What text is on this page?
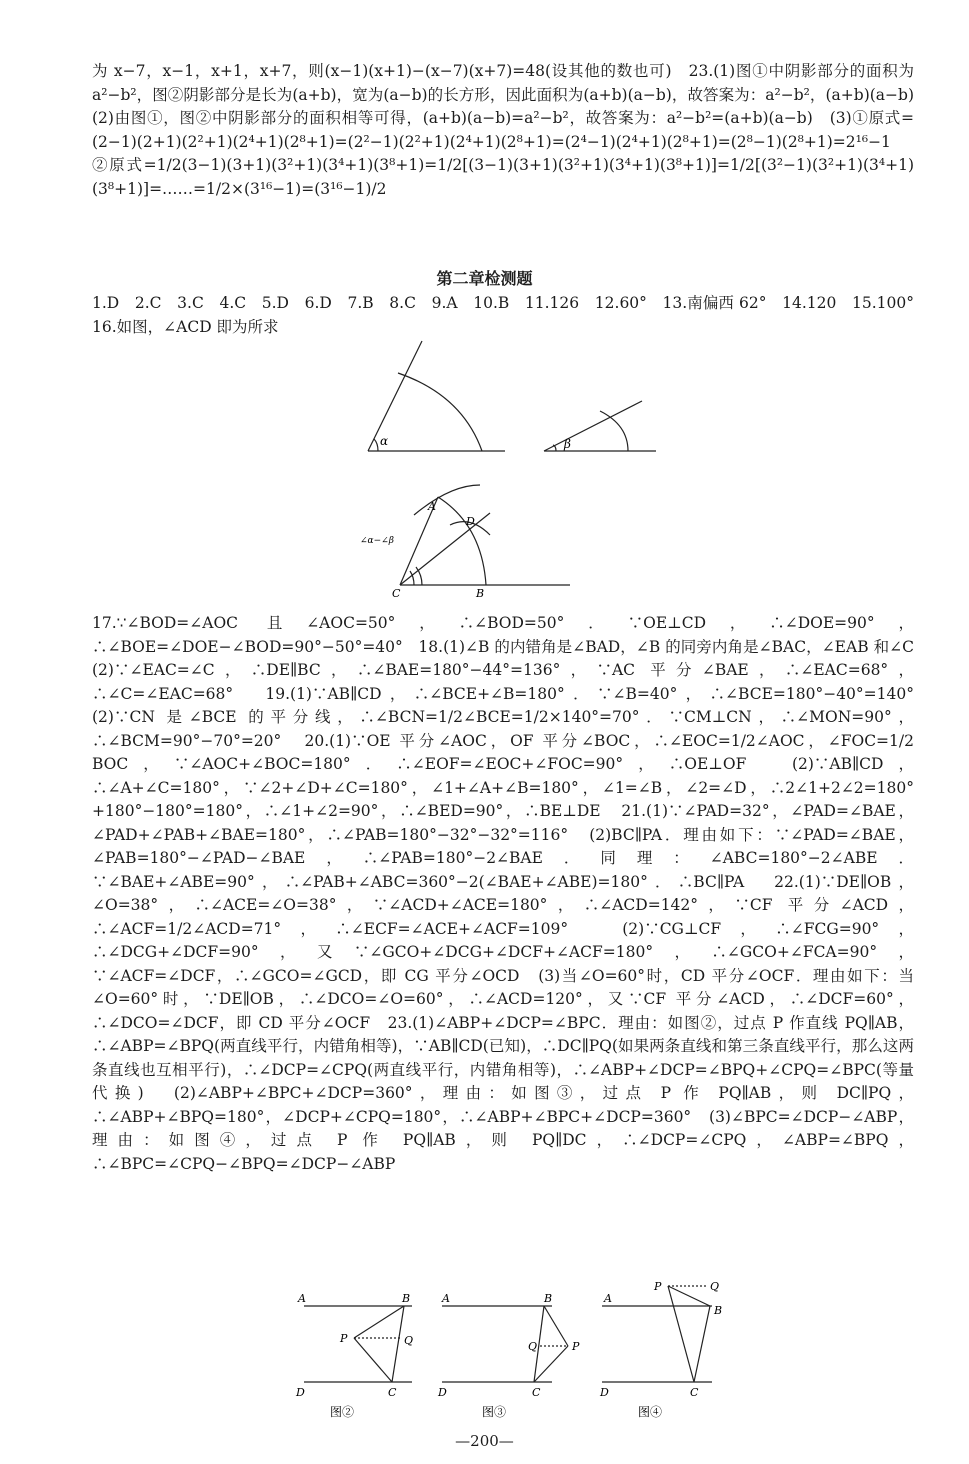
为 x−7，x−1，x+1，x+7，则(x−1)(x+1)−(x−7)(x+7)=48(设其他的数也可)　23.(1)图①中阴影部分的面积为 a²−b²，图②阴影部分是长为(a+b)，宽为(a−b)的长方形，因此面积为(a+b)(a−b)，故答案为：a²−b²，(a+b)(a−b)　(2)由图①，图②中阴影部分的面积相等可得，(a+b)(a−b)=a²−b²，故答案为：a²−b²=(a+b)(a−b)　(3)①原式=(2−1)(2+1)(2²+1)(2⁴+1)(2⁸+1)=(2²−1)(2²+1)(2⁴+1)(2⁸+1)=(2⁴−1)(2⁴+1)(2⁸+1)=(2⁸−1)(2⁸+1)=2¹⁶−1　②原式=1/2(3−1)(3+1)(3²+1)(3⁴+1)(3⁸+1)=1/2[(3−1)(3+1)(3²+1)(3⁴+1)(3⁸+1)]=1/2[(3²−1)(3²+1)(3⁴+1)(3⁸+1)]=……=1/2×(3¹⁶−1)=(3¹⁶−1)/2
第二章检测题
1.D　2.C　3.C　4.C　5.D　6.D　7.B　8.C　9.A　10.B　11.126　12.60°　13.南偏西 62°　14.120　15.100°　16.如图，∠ACD 即为所求
α	β
A
D
C	B
∠α−∠β
17.∵∠BOD=∠AOC 且∠AOC=50°，∴∠BOD=50°．∵OE⊥CD，∴∠DOE=90°，∴∠BOE=∠DOE−∠BOD=90°−50°=40°　18.(1)∠B 的内错角是∠BAD，∠B 的同旁内角是∠BAC，∠EAB 和∠C　(2)∵∠EAC=∠C，∴DE∥BC，∴∠BAE=180°−44°=136°，∵AC 平分∠BAE，∴∠EAC=68°，∴∠C=∠EAC=68°　19.(1)∵AB∥CD，∴∠BCE+∠B=180°．∵∠B=40°，∴∠BCE=180°−40°=140°　(2)∵CN 是∠BCE 的平分线，∴∠BCN=1/2∠BCE=1/2×140°=70°．∵CM⊥CN，∴∠MON=90°，∴∠BCM=90°−70°=20°　20.(1)∵OE 平分∠AOC，OF 平分∠BOC，∴∠EOC=1/2∠AOC，∠FOC=1/2 BOC，∵∠AOC+∠BOC=180°．∴∠EOF=∠EOC+∠FOC=90°，∴OE⊥OF　(2)∵AB∥CD，∴∠A+∠C=180°，∵∠2+∠D+∠C=180°，∠1+∠A+∠B=180°，∠1=∠B，∠2=∠D，∴2∠1+2∠2=180°+180°−180°=180°，∴∠1+∠2=90°，∴∠BED=90°，∴BE⊥DE　21.(1)∵∠PAD=32°，∠PAD=∠BAE，∠PAD+∠PAB+∠BAE=180°，∴∠PAB=180°−32°−32°=116°　(2)BC∥PA．理由如下：∵∠PAD=∠BAE，∠PAB=180°−∠PAD−∠BAE，∴∠PAB=180°−2∠BAE．同理：∠ABC=180°−2∠ABE．∵∠BAE+∠ABE=90°，∴∠PAB+∠ABC=360°−2(∠BAE+∠ABE)=180°．∴BC∥PA　22.(1)∵DE∥OB，∠O=38°，∴∠ACE=∠O=38°，∵∠ACD+∠ACE=180°，∴∠ACD=142°，∵CF 平分∠ACD，∴∠ACF=1/2∠ACD=71°，∴∠ECF=∠ACE+∠ACF=109°　(2)∵CG⊥CF，∴∠FCG=90°，∴∠DCG+∠DCF=90°，又∵∠GCO+∠DCG+∠DCF+∠ACF=180°，∴∠GCO+∠FCA=90°，∵∠ACF=∠DCF，∴∠GCO=∠GCD，即 CG 平分∠OCD　(3)当∠O=60°时，CD 平分∠OCF．理由如下：当∠O=60°时，∵DE∥OB，∴∠DCO=∠O=60°，∴∠ACD=120°，又∵CF 平分∠ACD，∴∠DCF=60°，∴∠DCO=∠DCF，即 CD 平分∠OCF　23.(1)∠ABP+∠DCP=∠BPC．理由：如图②，过点 P 作直线 PQ∥AB，∴∠ABP=∠BPQ(两直线平行，内错角相等)，∵AB∥CD(已知)，∴DC∥PQ(如果两条直线和第三条直线平行，那么这两条直线也互相平行)，∴∠DCP=∠CPQ(两直线平行，内错角相等)，∴∠ABP+∠DCP=∠BPQ+∠CPQ=∠BPC(等量代换)　(2)∠ABP+∠BPC+∠DCP=360°，理由：如图③，过点 P 作 PQ∥AB，则 DC∥PQ，∴∠ABP+∠BPQ=180°，∠DCP+∠CPQ=180°，∴∠ABP+∠BPC+∠DCP=360°　(3)∠BPC=∠DCP−∠ABP，理由：如图④，过点 P 作 PQ∥AB，则 PQ∥DC，∴∠DCP=∠CPQ，∠ABP=∠BPQ，∴∠BPC=∠CPQ−∠BPQ=∠DCP−∠ABP
A	B
P	Q
D	C
A	B
Q	P
D	C
P	Q
A
B
D	C
图②	图③	图④
—200—
